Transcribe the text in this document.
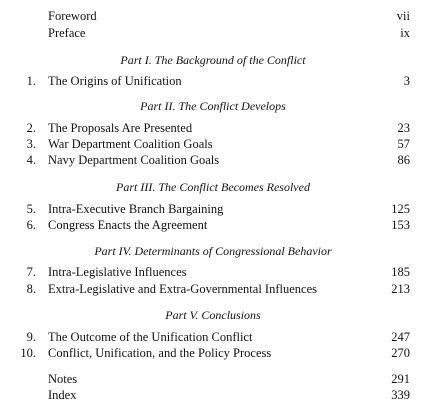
Foreword	vii
Preface	ix
Part I. The Background of the Conflict
1. The Origins of Unification	3
Part II. The Conflict Develops
2. The Proposals Are Presented	23
3. War Department Coalition Goals	57
4. Navy Department Coalition Goals	86
Part III. The Conflict Becomes Resolved
5. Intra-Executive Branch Bargaining	125
6. Congress Enacts the Agreement	153
Part IV. Determinants of Congressional Behavior
7. Intra-Legislative Influences	185
8. Extra-Legislative and Extra-Governmental Influences	213
Part V. Conclusions
9. The Outcome of the Unification Conflict	247
10. Conflict, Unification, and the Policy Process	270
Notes	291
Index	339
